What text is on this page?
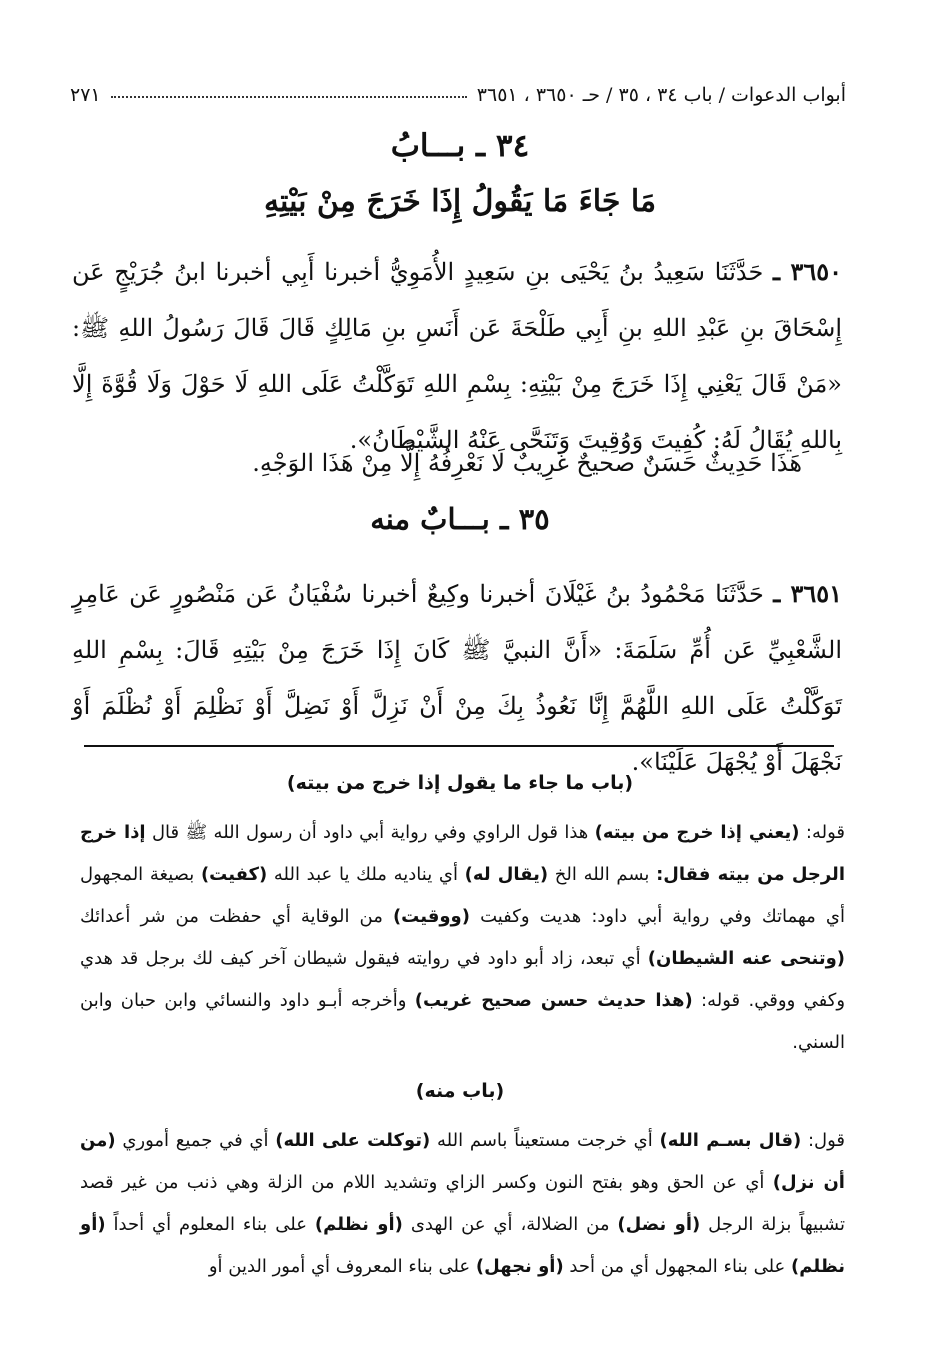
أبواب الدعوات / باب ٣٤ ، ٣٥ / حـ ٣٦٥٠ ، ٣٦٥١
٢٧١
٣٤ ـ بـــابُ
مَا جَاءَ مَا يَقُولُ إِذَا خَرَجَ مِنْ بَيْتِهِ
٣٦٥٠ ـ حَدَّثَنَا سَعِيدُ بنُ يَحْيَى بنِ سَعِيدٍ الأُمَوِيُّ أخبرنا أَبِي أخبرنا ابنُ جُرَيْجٍ عَن إِسْحَاقَ بنِ عَبْدِ اللهِ بنِ أَبِي طَلْحَةَ عَن أَنَسِ بنِ مَالِكٍ قَالَ قَالَ رَسُولُ اللهِ ﷺ: «مَنْ قَالَ يَعْنِي إِذَا خَرَجَ مِنْ بَيْتِهِ: بِسْمِ اللهِ تَوَكَّلْتُ عَلَى اللهِ لَا حَوْلَ وَلَا قُوَّةَ إِلَّا بِاللهِ يُقَالُ لَهُ: كُفِيتَ وَوُقِيتَ وَتَنَحَّى عَنْهُ الشَّيْطَانُ».
هَذَا حَدِيثٌ حَسَنٌ صحيحٌ غَرِيبٌ لَا نَعْرِفُهُ إِلَّا مِنْ هَذَا الوَجْهِ.
٣٥ ـ بـــابٌ منه
٣٦٥١ ـ حَدَّثَنَا مَحْمُودُ بنُ غَيْلَانَ أخبرنا وكِيعٌ أخبرنا سُفْيَانُ عَن مَنْصُورٍ عَن عَامِرٍ الشَّعْبِيِّ عَن أُمِّ سَلَمَةَ: «أَنَّ النبيَّ ﷺ كَانَ إِذَا خَرَجَ مِنْ بَيْتِهِ قَالَ: بِسْمِ اللهِ تَوَكَّلْتُ عَلَى اللهِ اللَّهُمَّ إِنَّا نَعُوذُ بِكَ مِنْ أَنْ نَزِلَّ أَوْ نَضِلَّ أَوْ نَظْلِمَ أَوْ نُظْلَمَ أَوْ نَجْهَلَ أَوْ يُجْهَلَ عَلَيْنَا».
(باب ما جاء ما يقول إذا خرج من بيته)
قوله: (يعني إذا خرج من بيته) هذا قول الراوي وفي رواية أبي داود أن رسول الله ﷺ قال إذا خرج الرجل من بيته فقال: بسم الله الخ (يقال له) أي يناديه ملك يا عبد الله (كفيت) بصيغة المجهول أي مهماتك وفي رواية أبي داود: هديت وكفيت (ووقيت) من الوقاية أي حفظت من شر أعدائك (وتنحى عنه الشيطان) أي تبعد، زاد أبو داود في روايته فيقول شيطان آخر كيف لك برجل قد هدي وكفي ووقي. قوله: (هذا حديث حسن صحيح غريب) وأخرجه أبـو داود والنسائي وابن حبان وابن السني.
(باب منه)
قول: (قال بسـم الله) أي خرجت مستعيناً باسم الله (توكلت على الله) أي في جميع أموري (من أن نزل) أي عن الحق وهو بفتح النون وكسر الزاي وتشديد اللام من الزلة وهي ذنب من غير قصد تشبيهاً بزلة الرجل (أو نضل) من الضلالة، أي عن الهدى (أو نظلم) على بناء المعلوم أي أحداً (أو نظلم) على بناء المجهول أي من أحد (أو نجهل) على بناء المعروف أي أمور الدين أو
